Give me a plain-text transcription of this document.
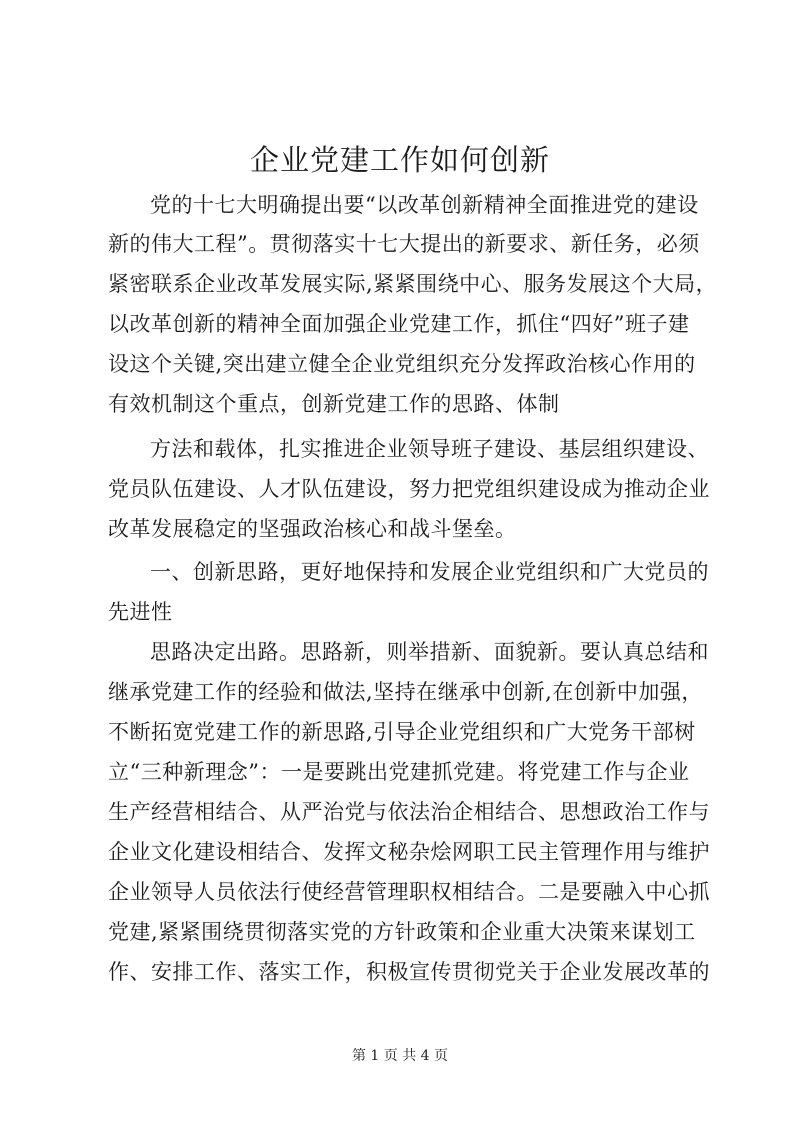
企业党建工作如何创新
党的十七大明确提出要“以改革创新精神全面推进党的建设
新的伟大工程”。贯彻落实十七大提出的新要求、新任务，必须
紧密联系企业改革发展实际,紧紧围绕中心、服务发展这个大局，
以改革创新的精神全面加强企业党建工作，抓住“四好”班子建
设这个关键,突出建立健全企业党组织充分发挥政治核心作用的
有效机制这个重点，创新党建工作的思路、体制
方法和载体，扎实推进企业领导班子建设、基层组织建设、
党员队伍建设、人才队伍建设，努力把党组织建设成为推动企业
改革发展稳定的坚强政治核心和战斗堡垒。
一、创新思路，更好地保持和发展企业党组织和广大党员的
先进性
思路决定出路。思路新，则举措新、面貌新。要认真总结和
继承党建工作的经验和做法,坚持在继承中创新,在创新中加强，
不断拓宽党建工作的新思路,引导企业党组织和广大党务干部树
立“三种新理念”：一是要跳出党建抓党建。将党建工作与企业
生产经营相结合、从严治党与依法治企相结合、思想政治工作与
企业文化建设相结合、发挥文秘杂烩网职工民主管理作用与维护
企业领导人员依法行使经营管理职权相结合。二是要融入中心抓
党建,紧紧围绕贯彻落实党的方针政策和企业重大决策来谋划工
作、安排工作、落实工作，积极宣传贯彻党关于企业发展改革的
第 1 页 共 4 页
